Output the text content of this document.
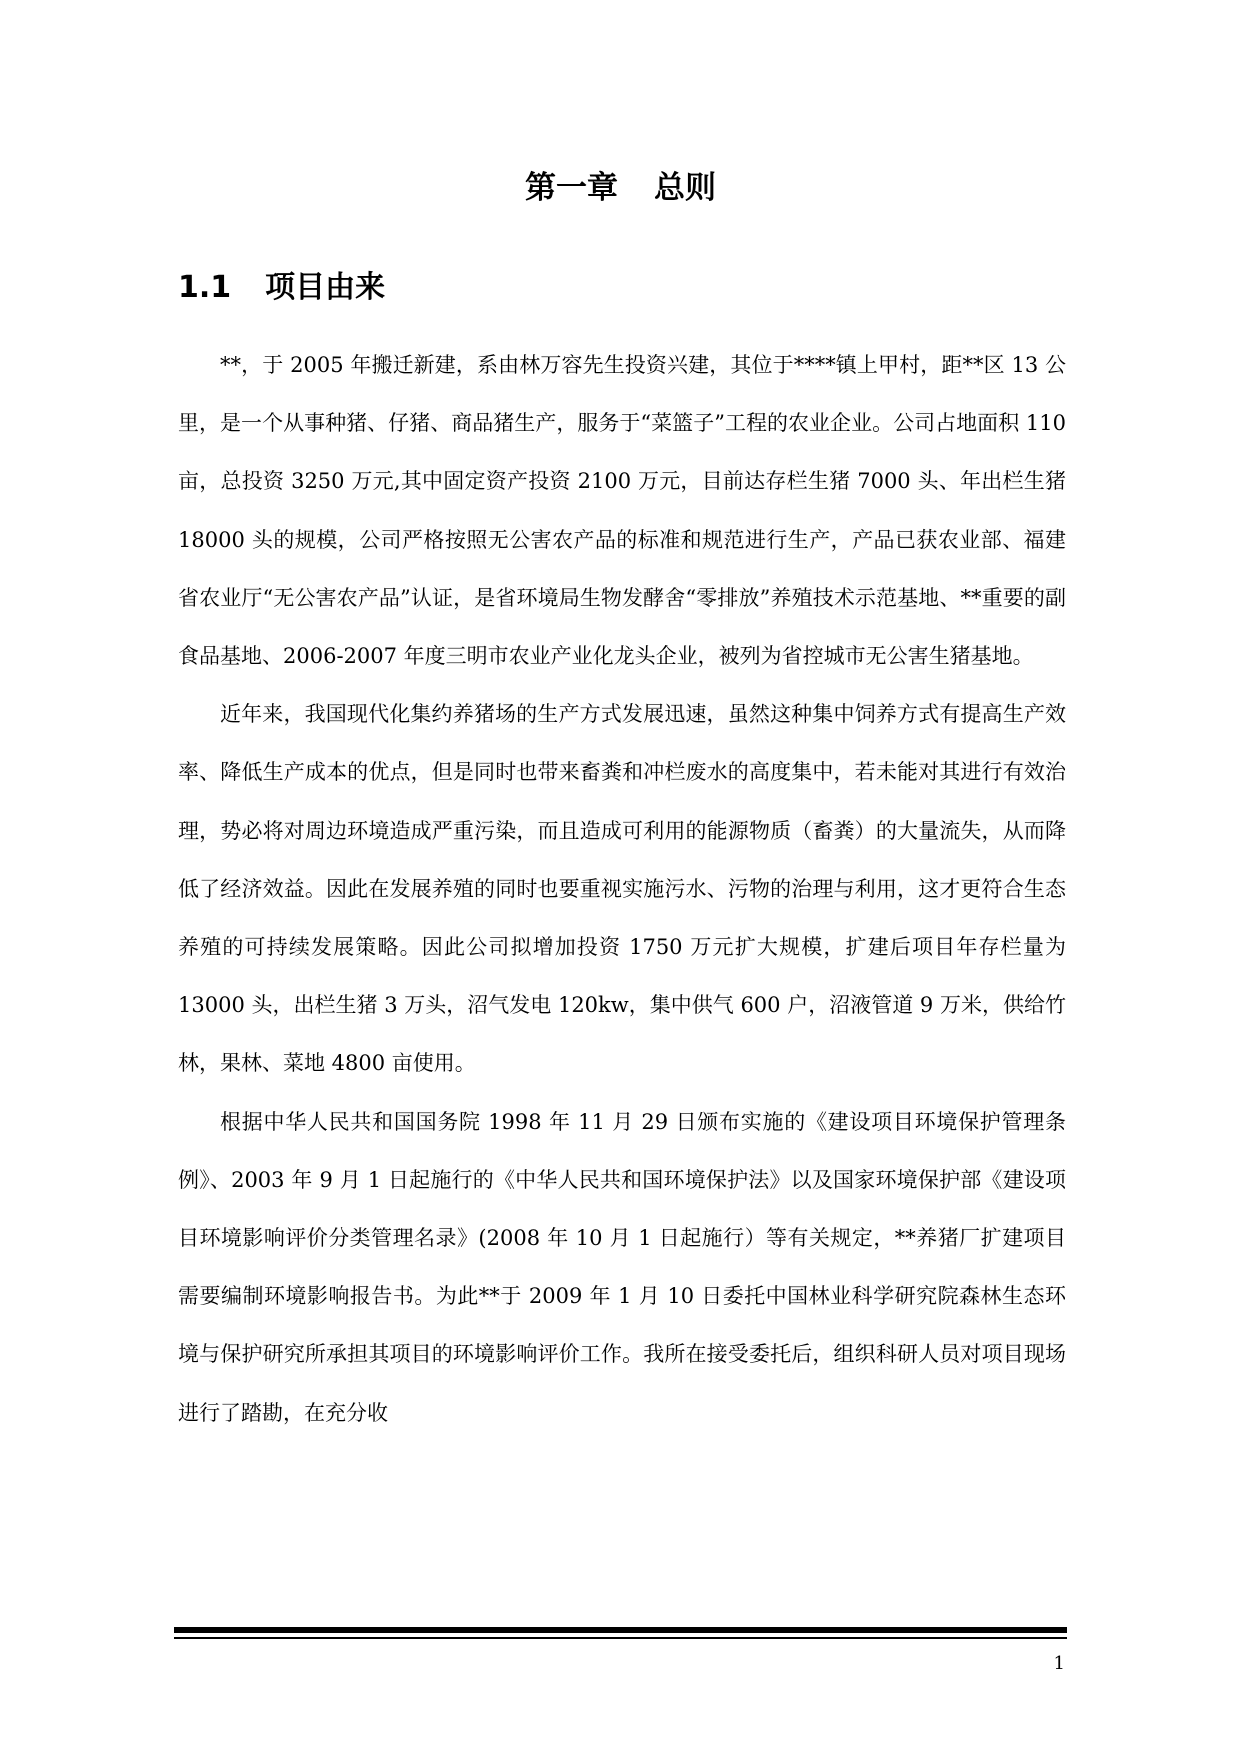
第一章 总则
1.1 项目由来

**，于 2005 年搬迁新建，系由林万容先生投资兴建，其位于****镇上甲村，距**区 13 公里，是一个从事种猪、仔猪、商品猪生产，服务于“菜篮子”工程的农业企业。公司占地面积 110 亩，总投资 3250 万元,其中固定资产投资 2100 万元，目前达存栏生猪 7000 头、年出栏生猪 18000 头的规模，公司严格按照无公害农产品的标准和规范进行生产，产品已获农业部、福建省农业厅“无公害农产品”认证，是省环境局生物发酵舍“零排放”养殖技术示范基地、**重要的副食品基地、2006-2007 年度三明市农业产业化龙头企业，被列为省控城市无公害生猪基地。

近年来，我国现代化集约养猪场的生产方式发展迅速，虽然这种集中饲养方式有提高生产效率、降低生产成本的优点，但是同时也带来畜粪和冲栏废水的高度集中，若未能对其进行有效治理，势必将对周边环境造成严重污染，而且造成可利用的能源物质（畜粪）的大量流失，从而降低了经济效益。因此在发展养殖的同时也要重视实施污水、污物的治理与利用，这才更符合生态养殖的可持续发展策略。因此公司拟增加投资 1750 万元扩大规模，扩建后项目年存栏量为 13000 头，出栏生猪 3 万头，沼气发电 120kw，集中供气 600 户，沼液管道 9 万米，供给竹林，果林、菜地 4800 亩使用。

根据中华人民共和国国务院 1998 年 11 月 29 日颁布实施的《建设项目环境保护管理条例》、2003 年 9 月 1 日起施行的《中华人民共和国环境保护法》以及国家环境保护部《建设项目环境影响评价分类管理名录》(2008 年 10 月 1 日起施行）等有关规定，**养猪厂扩建项目需要编制环境影响报告书。为此**于 2009 年 1 月 10 日委托中国林业科学研究院森林生态环境与保护研究所承担其项目的环境影响评价工作。我所在接受委托后，组织科研人员对项目现场进行了踏勘，在充分收

1
